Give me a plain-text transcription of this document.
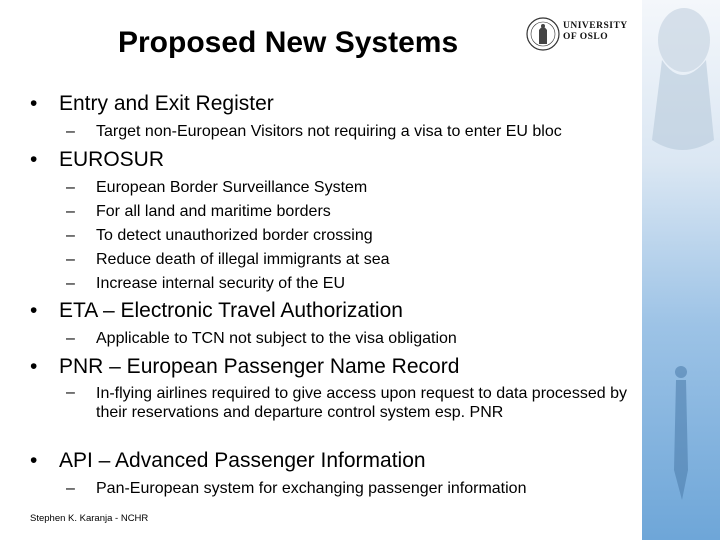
Proposed New Systems	UNIVERSITY
OF OSLO
• Entry and Exit Register
– Target non-European Visitors not requiring a visa to enter EU bloc
• EUROSUR
– European Border Surveillance System
– For all land and maritime borders
– To detect unauthorized border crossing
– Reduce death of illegal immigrants at sea
– Increase internal security of the EU
• ETA – Electronic Travel Authorization
– Applicable to TCN not subject to the visa obligation
• PNR – European Passenger Name Record
– In-flying airlines required to give access upon request to data processed by their reservations and departure control system esp. PNR
• API – Advanced Passenger Information
– Pan-European system for exchanging passenger information
Stephen K. Karanja - NCHR
